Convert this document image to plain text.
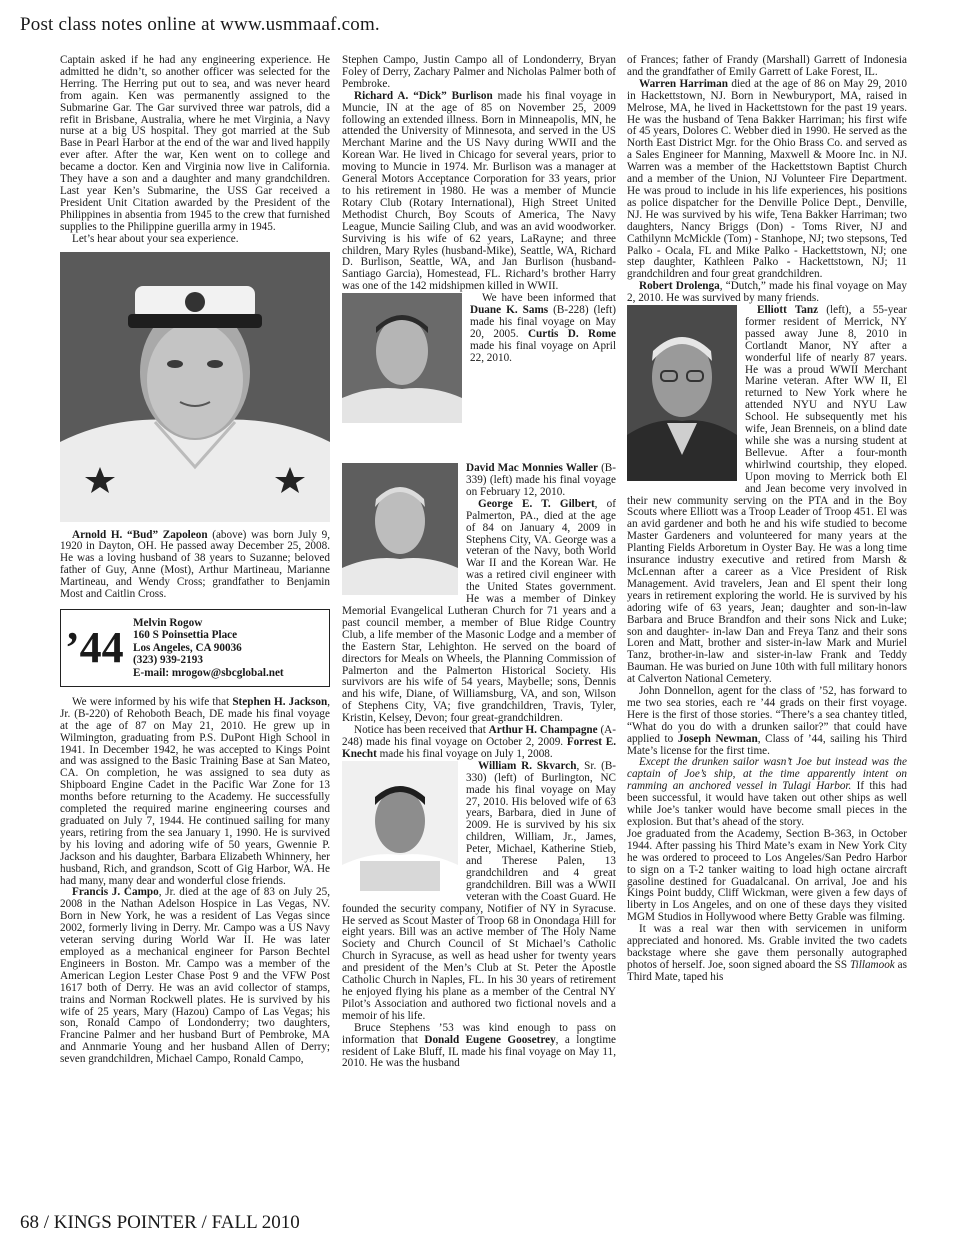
Post class notes online at www.usmmaaf.com.

Captain asked if he had any engineering experience. He admitted he didn’t, so another officer was selected for the Herring. The Herring put out to sea, and was never heard from again. Ken was permanently assigned to the Submarine Gar. The Gar survived three war patrols, did a refit in Brisbane, Australia, where he met Virginia, a Navy nurse at a big US hospital. They got married at the Sub Base in Pearl Harbor at the end of the war and lived happily ever after. After the war, Ken went on to college and became a doctor. Ken and Virginia now live in California. They have a son and a daughter and many grandchildren. Last year Ken’s Submarine, the USS Gar received a President Unit Citation awarded by the President of the Philippines in absentia from 1945 to the crew that furnished supplies to the Philippine guerilla army in 1945.

Let’s hear about your sea experience.

Arnold H. “Bud” Zapoleon (above) was born July 9, 1920 in Dayton, OH. He passed away December 25, 2008. He was a loving husband of 38 years to Suzanne; beloved father of Guy, Anne (Most), Arthur Martineau, Marianne Martineau, and Wendy Cross; grandfather to Benjamin Most and Caitlin Cross.

’44
Melvin Rogow
160 S Poinsettia Place
Los Angeles, CA 90036
(323) 939-2193
E-mail: mrogow@sbcglobal.net

We were informed by his wife that Stephen H. Jackson, Jr. (B-220) of Rehoboth Beach, DE made his final voyage at the age of 87 on May 21, 2010. He grew up in Wilmington, graduating from P.S. DuPont High School in 1941. In December 1942, he was accepted to Kings Point and was assigned to the Basic Training Base at San Mateo, CA. On completion, he was assigned to sea duty as Shipboard Engine Cadet in the Pacific War Zone for 13 months before returning to the Academy. He successfully completed the required marine engineering courses and graduated on July 7, 1944. He continued sailing for many years, retiring from the sea January 1, 1990. He is survived by his loving and adoring wife of 50 years, Gwennie P. Jackson and his daughter, Barbara Elizabeth Whinnery, her husband, Rich, and grandson, Scott of Gig Harbor, WA. He had many, many dear and wonderful close friends.

Francis J. Campo, Jr. died at the age of 83 on July 25, 2008 in the Nathan Adelson Hospice in Las Vegas, NV. Born in New York, he was a resident of Las Vegas since 2002, formerly living in Derry. Mr. Campo was a US Navy veteran serving during World War II. He was later employed as a mechanical engineer for Parson Bechtel Engineers in Boston. Mr. Campo was a member of the American Legion Lester Chase Post 9 and the VFW Post 1617 both of Derry. He was an avid collector of stamps, trains and Norman Rockwell plates. He is survived by his wife of 25 years, Mary (Hazou) Campo of Las Vegas; his son, Ronald Campo of Londonderry; two daughters, Francine Palmer and her husband Burt of Pembroke, MA and Annmarie Young and her husband Allen of Derry; seven grandchildren, Michael Campo, Ronald Campo,

Stephen Campo, Justin Campo all of Londonderry, Bryan Foley of Derry, Zachary Palmer and Nicholas Palmer both of Pembroke.

Richard A. “Dick” Burlison made his final voyage in Muncie, IN at the age of 85 on November 25, 2009 following an extended illness. Born in Minneapolis, MN, he attended the University of Minnesota, and served in the US Merchant Marine and the US Navy during WWII and the Korean War. He lived in Chicago for several years, prior to moving to Muncie in 1974. Mr. Burlison was a manager at General Motors Acceptance Corporation for 33 years, prior to his retirement in 1980. He was a member of Muncie Rotary Club (Rotary International), High Street United Methodist Church, Boy Scouts of America, The Navy League, Muncie Sailing Club, and was an avid woodworker. Surviving is his wife of 62 years, LaRayne; and three children, Mary Ryles (husband-Mike), Seattle, WA, Richard D. Burlison, Seattle, WA, and Jan Burlison (husband-Santiago Garcia), Homestead, FL. Richard’s brother Harry was one of the 142 midshipmen killed in WWII.

We have been informed that Duane K. Sams (B-228) (left) made his final voyage on May 20, 2005. Curtis D. Rome made his final voyage on April 22, 2010.

David Mac Monnies Waller (B-339) (left) made his final voyage on February 12, 2010.

George E. T. Gilbert, of Palmerton, PA., died at the age of 84 on January 4, 2009 in Stephens City, VA. George was a veteran of the Navy, both World War II and the Korean War. He was a retired civil engineer with the United States government. He was a member of Dinkey Memorial Evangelical Lutheran Church for 71 years and a past council member, a member of Blue Ridge Country Club, a life member of the Masonic Lodge and a member of the Eastern Star, Lehighton. He served on the board of directors for Meals on Wheels, the Planning Commission of Palmerton and the Palmerton Historical Society. His survivors are his wife of 54 years, Maybelle; sons, Dennis and his wife, Diane, of Williamsburg, VA, and son, Wilson of Stephens City, VA; five grandchildren, Travis, Tyler, Kristin, Kelsey, Devon; four great-grandchildren.

Notice has been received that Arthur H. Champagne (A-248) made his final voyage on October 2, 2009. Forrest E. Knecht made his final voyage on July 1, 2008.

William R. Skvarch, Sr. (B-330) (left) of Burlington, NC made his final voyage on May 27, 2010. His beloved wife of 63 years, Barbara, died in June of 2009. He is survived by his six children, William, Jr., James, Peter, Michael, Katherine Stieb, and Therese Palen, 13 grandchildren and 4 great grandchildren. Bill was a WWII veteran with the Coast Guard. He founded the security company, Notifier of NY in Syracuse. He served as Scout Master of Troop 68 in Onondaga Hill for eight years. Bill was an active member of The Holy Name Society and Church Council of St Michael’s Catholic Church in Syracuse, as well as head usher for twenty years and president of the Men’s Club at St. Peter the Apostle Catholic Church in Naples, FL. In his 30 years of retirement he enjoyed flying his plane as a member of the Central NY Pilot’s Association and authored two fictional novels and a memoir of his life.

Bruce Stephens ’53 was kind enough to pass on information that Donald Eugene Goosetrey, a longtime resident of Lake Bluff, IL made his final voyage on May 11, 2010. He was the husband

of Frances; father of Frandy (Marshall) Garrett of Indonesia and the grandfather of Emily Garrett of Lake Forest, IL.

Warren Harriman died at the age of 86 on May 29, 2010 in Hackettstown, NJ. Born in Newburyport, MA, raised in Melrose, MA, he lived in Hackettstown for the past 19 years. He was the husband of Tena Bakker Harriman; his first wife of 45 years, Dolores C. Webber died in 1990. He served as the North East District Mgr. for the Ohio Brass Co. and served as a Sales Engineer for Manning, Maxwell & Moore Inc. in NJ. Warren was a member of the Hackettstown Baptist Church and a member of the Union, NJ Volunteer Fire Department. He was proud to include in his life experiences, his positions as police dispatcher for the Denville Police Dept., Denville, NJ. He was survived by his wife, Tena Bakker Harriman; two daughters, Nancy Briggs (Don) - Toms River, NJ and Cathilynn McMickle (Tom) - Stanhope, NJ; two stepsons, Ted Palko - Ocala, FL and Mike Palko - Hackettstown, NJ; one step daughter, Kathleen Palko - Hackettstown, NJ; 11 grandchildren and four great grandchildren.

Robert Drolenga, “Dutch,” made his final voyage on May 2, 2010. He was survived by many friends.

Elliott Tanz (left), a 55-year former resident of Merrick, NY passed away June 8, 2010 in Cortlandt Manor, NY after a wonderful life of nearly 87 years. He was a proud WWII Merchant Marine veteran. After WW II, El returned to New York where he attended NYU and NYU Law School. He subsequently met his wife, Jean Brenneis, on a blind date while she was a nursing student at Bellevue. After a four-month whirlwind courtship, they eloped. Upon moving to Merrick both El and Jean become very involved in their new community serving on the PTA and in the Boy Scouts where Elliott was a Troop Leader of Troop 451. El was an avid gardener and both he and his wife studied to become Master Gardeners and volunteered for many years at the Planting Fields Arboretum in Oyster Bay. He was a long time insurance industry executive and retired from Marsh & McLennan after a career as a Vice President of Risk Management. Avid travelers, Jean and El spent their long years in retirement exploring the world. He is survived by his adoring wife of 63 years, Jean; daughter and son-in-law Barbara and Bruce Brandfon and their sons Nick and Luke; son and daughter- in-law Dan and Freya Tanz and their sons Loren and Matt, brother and sister-in-law Mark and Muriel Tanz, brother-in-law and sister-in-law Frank and Teddy Bauman. He was buried on June 10th with full military honors at Calverton National Cemetery.

John Donnellon, agent for the class of ’52, has forward to me two sea stories, each re ’44 grads on their first voyage. Here is the first of those stories. “There’s a sea chantey titled, “What do you do with a drunken sailor?” that could have applied to Joseph Newman, Class of ’44, sailing his Third Mate’s license for the first time.

Except the drunken sailor wasn’t Joe but instead was the captain of Joe’s ship, at the time apparently intent on ramming an anchored vessel in Tulagi Harbor. If this had been successful, it would have taken out other ships as well while Joe’s tanker would have become small pieces in the explosion. But that’s ahead of the story.

Joe graduated from the Academy, Section B-363, in October 1944. After passing his Third Mate’s exam in New York City he was ordered to proceed to Los Angeles/San Pedro Harbor to sign on a T-2 tanker waiting to load high octane aircraft gasoline destined for Guadalcanal. On arrival, Joe and his Kings Point buddy, Cliff Wickman, were given a few days of liberty in Los Angeles, and on one of these days they visited MGM Studios in Hollywood where Betty Grable was filming.

It was a real war then with servicemen in uniform appreciated and honored. Ms. Grable invited the two cadets backstage where she gave them personally autographed photos of herself. Joe, soon signed aboard the SS Tillamook as Third Mate, taped his

68 / KINGS POINTER / FALL 2010
